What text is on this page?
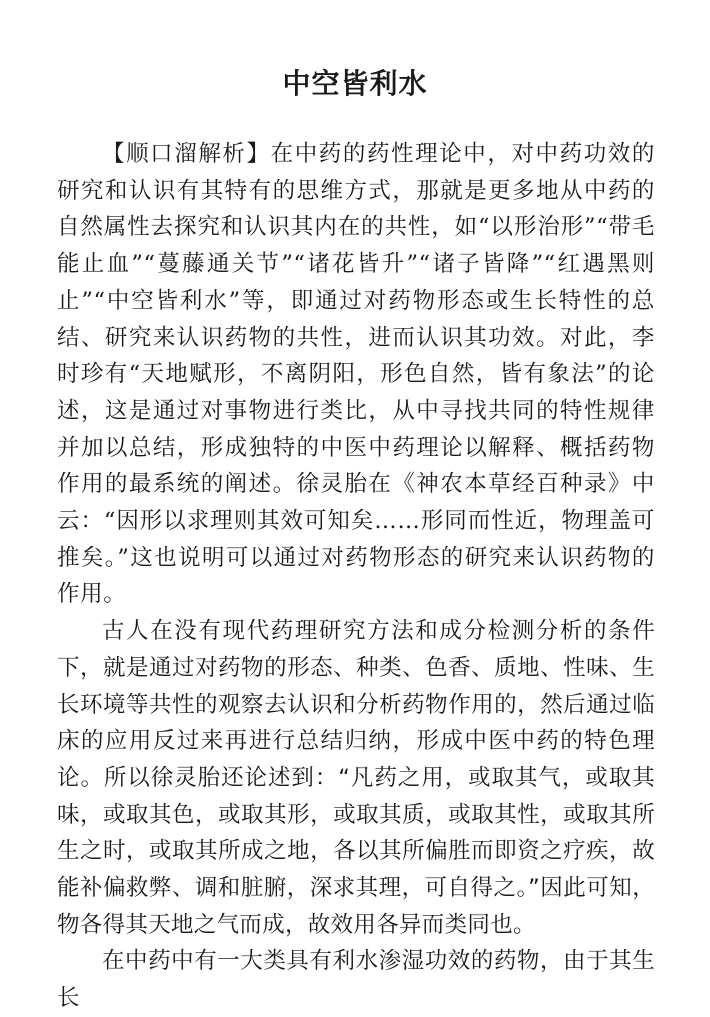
中空皆利水

【顺口溜解析】在中药的药性理论中，对中药功效的研究和认识有其特有的思维方式，那就是更多地从中药的自然属性去探究和认识其内在的共性，如“以形治形”“带毛能止血”“蔓藤通关节”“诸花皆升”“诸子皆降”“红遇黑则止”“中空皆利水”等，即通过对药物形态或生长特性的总结、研究来认识药物的共性，进而认识其功效。对此，李时珍有“天地赋形，不离阴阳，形色自然，皆有象法”的论述，这是通过对事物进行类比，从中寻找共同的特性规律并加以总结，形成独特的中医中药理论以解释、概括药物作用的最系统的阐述。徐灵胎在《神农本草经百种录》中云：“因形以求理则其效可知矣……形同而性近，物理盖可推矣。”这也说明可以通过对药物形态的研究来认识药物的作用。

古人在没有现代药理研究方法和成分检测分析的条件下，就是通过对药物的形态、种类、色香、质地、性味、生长环境等共性的观察去认识和分析药物作用的，然后通过临床的应用反过来再进行总结归纳，形成中医中药的特色理论。所以徐灵胎还论述到：“凡药之用，或取其气，或取其味，或取其色，或取其形，或取其质，或取其性，或取其所生之时，或取其所成之地，各以其所偏胜而即资之疗疾，故能补偏救弊、调和脏腑，深求其理，可自得之。”因此可知，物各得其天地之气而成，故效用各异而类同也。

在中药中有一大类具有利水渗湿功效的药物，由于其生长
